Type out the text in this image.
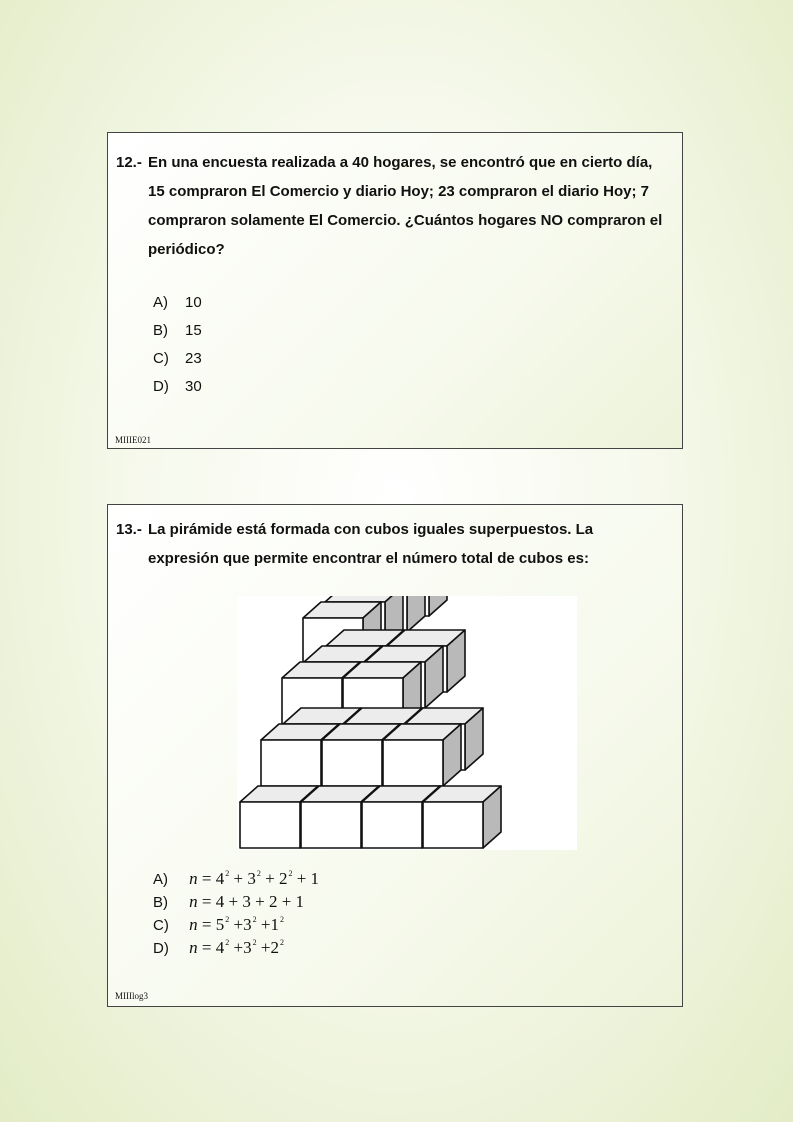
12.- En una encuesta realizada a 40 hogares, se encontró que en cierto día, 15 compraron El Comercio y diario Hoy; 23 compraron el diario Hoy; 7 compraron solamente El Comercio. ¿Cuántos hogares NO compraron el periódico?
A) 10
B) 15
C) 23
D) 30
MIIIE021
13.- La pirámide está formada con cubos iguales superpuestos. La expresión que permite encontrar el número total de cubos es:
A) $n = 4^2 + 3^2 + 2^2 + 1$
B) n = 4 + 3 + 2 + 1
C) $n = 5^2 +3^2 +1^2$
D) $n = 4^2 +3^2 +2^2$
MIIIlog3
